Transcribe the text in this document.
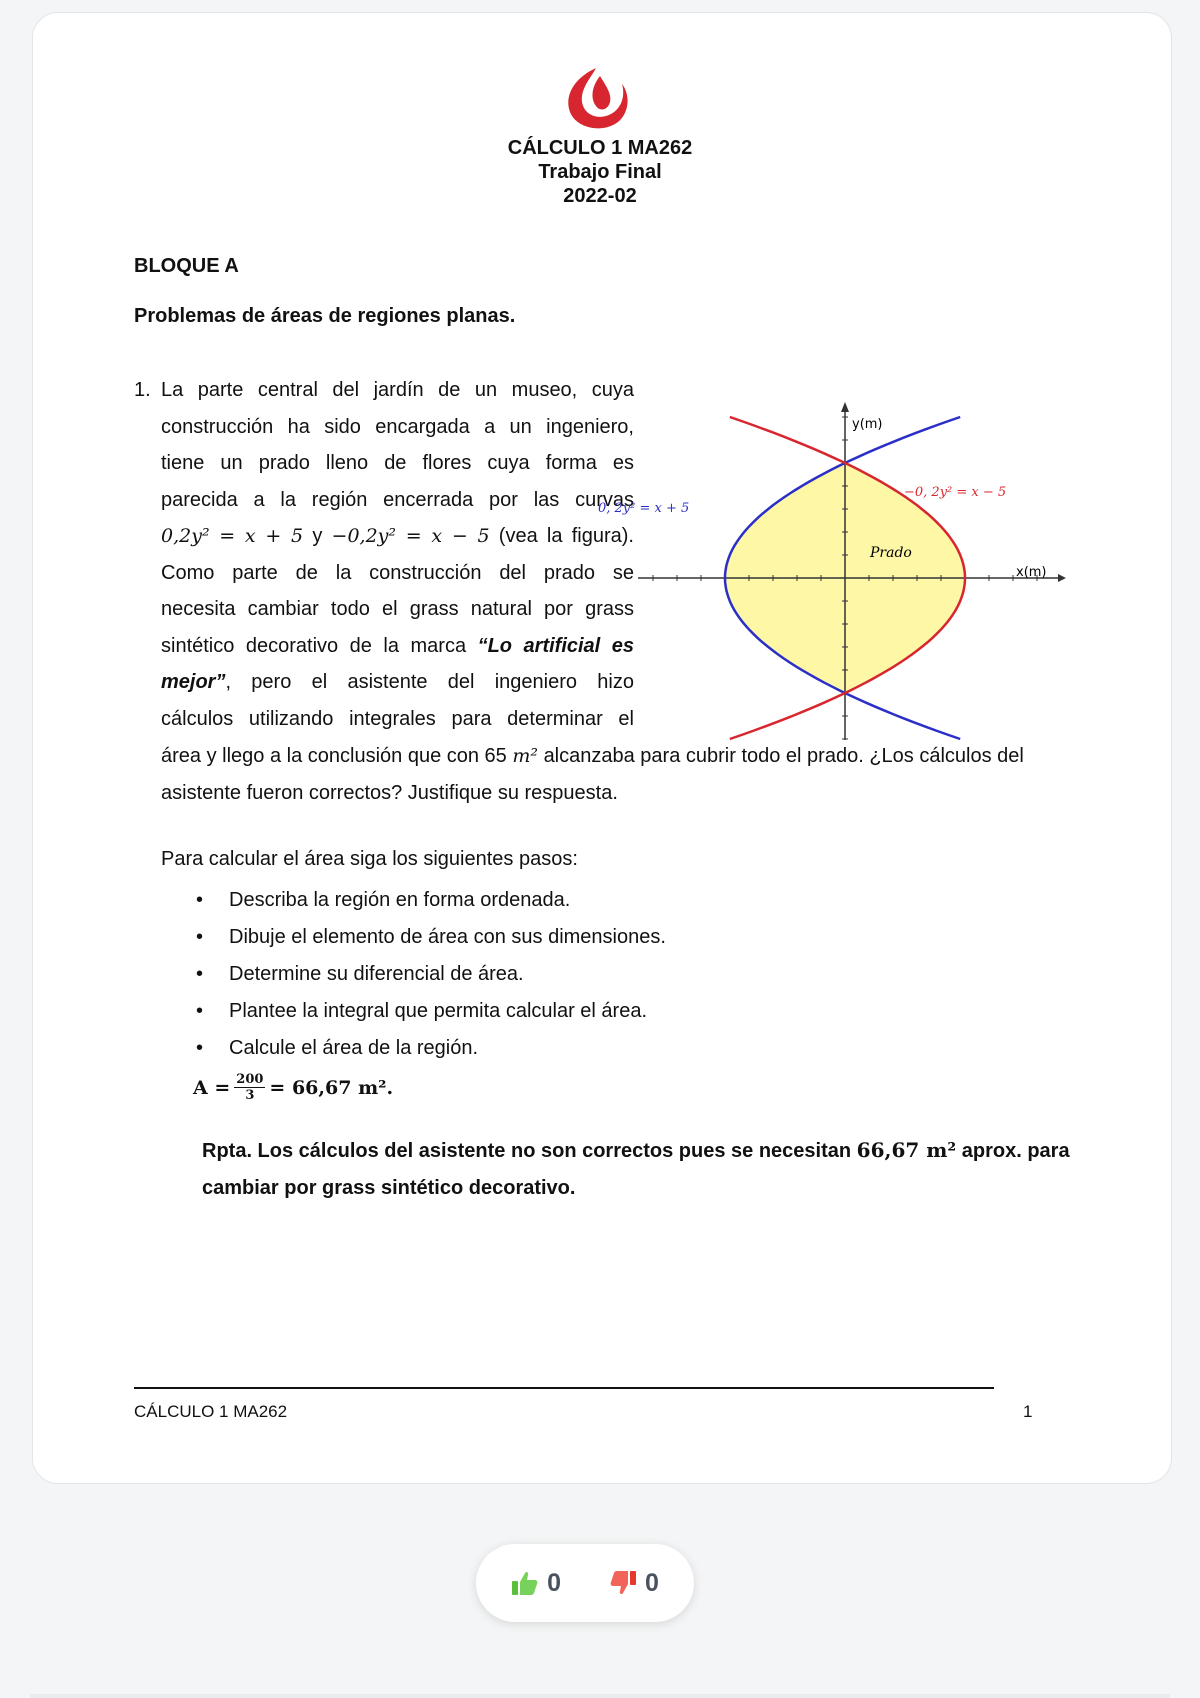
CÁLCULO 1 MA262
Trabajo Final
2022-02
BLOQUE A
Problemas de áreas de regiones planas.
1. La parte central del jardín de un museo, cuya
construcción ha sido encargada a un ingeniero,
tiene un prado lleno de flores cuya forma es
parecida a la región encerrada por las curvas
0,2y² = x + 5 y −0,2y² = x − 5 (vea la figura).
Como parte de la construcción del prado se
necesita cambiar todo el grass natural por grass
sintético decorativo de la marca “Lo artificial es
mejor”, pero el asistente del ingeniero hizo
cálculos utilizando integrales para determinar el
área y llego a la conclusión que con 65 m² alcanzaba para cubrir todo el prado. ¿Los cálculos del
asistente fueron correctos? Justifique su respuesta.
y(m)
x(m)
0, 2y² = x + 5
−0, 2y² = x − 5
Prado
Para calcular el área siga los siguientes pasos:
• Describa la región en forma ordenada.
• Dibuje el elemento de área con sus dimensiones.
• Determine su diferencial de área.
• Plantee la integral que permita calcular el área.
• Calcule el área de la región.
$A = \frac{200}{3} = 66,67$ m².
Rpta. Los cálculos del asistente no son correctos pues se necesitan 66,67 m² aprox. para
cambiar por grass sintético decorativo.
CÁLCULO 1 MA262	1
0	0
